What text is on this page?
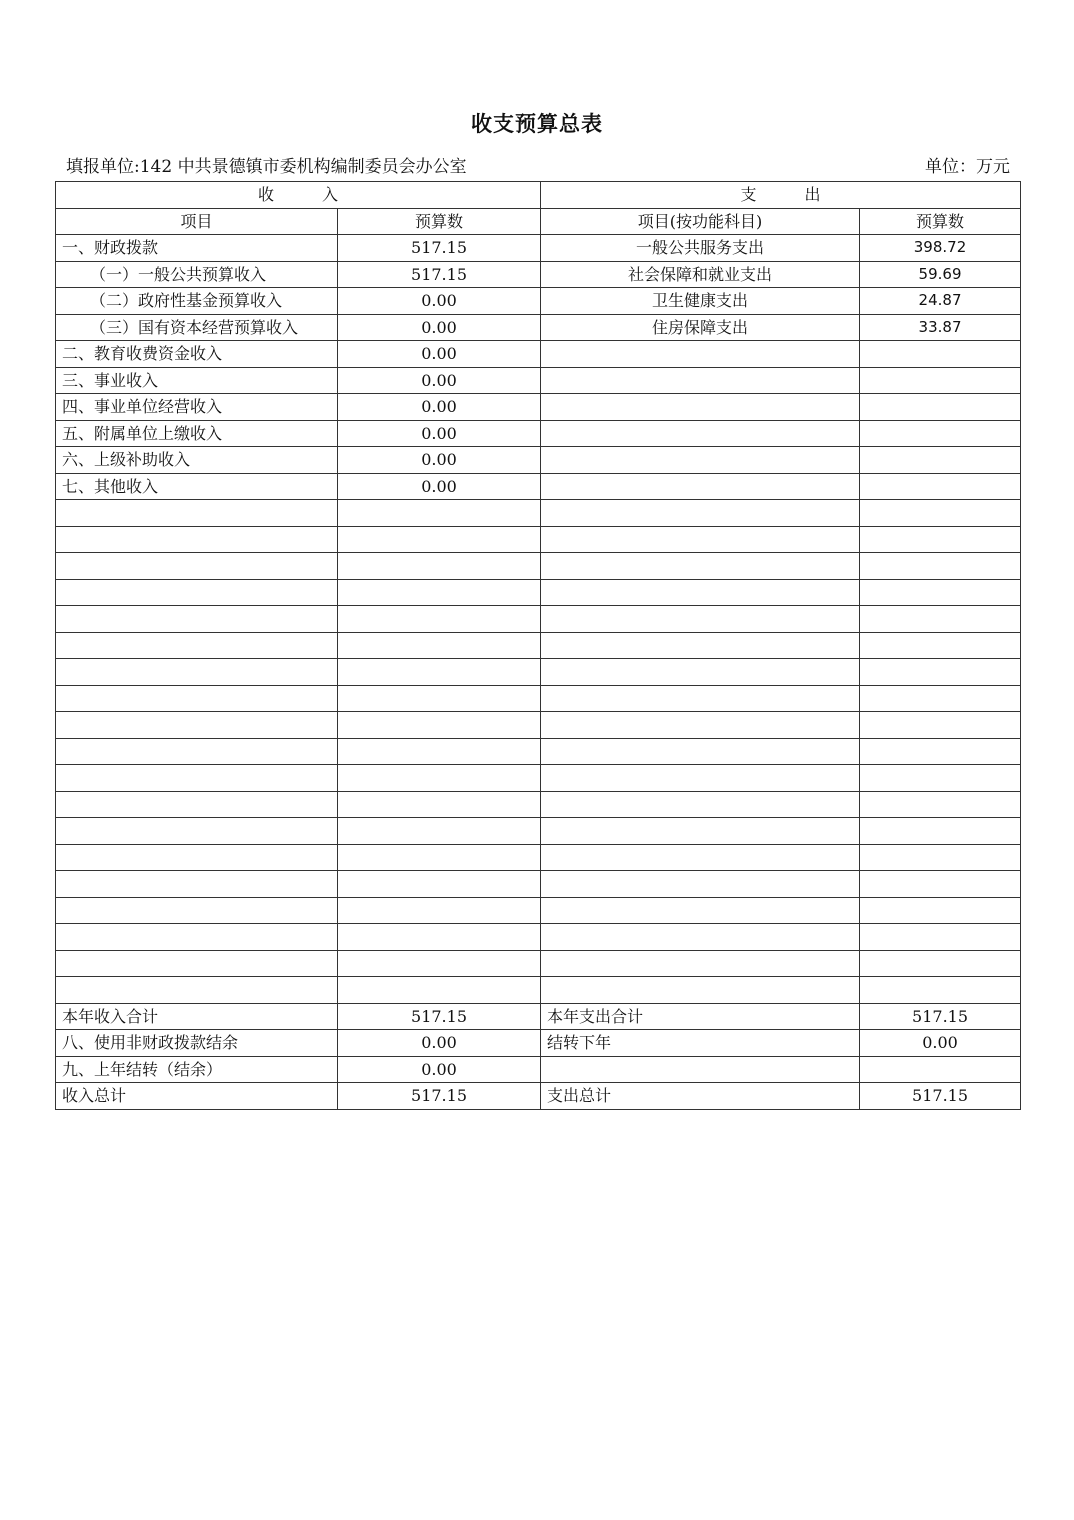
收支预算总表
填报单位:142 中共景德镇市委机构编制委员会办公室	单位：万元
收　　　入		支　　　出	
项目	预算数	项目(按功能科目)	预算数
一、财政拨款	517.15	一般公共服务支出	398.72
（一）一般公共预算收入	517.15	社会保障和就业支出	59.69
（二）政府性基金预算收入	0.00	卫生健康支出	24.87
（三）国有资本经营预算收入	0.00	住房保障支出	33.87
二、教育收费资金收入	0.00		
三、事业收入	0.00		
四、事业单位经营收入	0.00		
五、附属单位上缴收入	0.00		
六、上级补助收入	0.00		
七、其他收入	0.00		

本年收入合计	517.15	本年支出合计	517.15
八、使用非财政拨款结余	0.00	结转下年	0.00
九、上年结转（结余）	0.00		
收入总计	517.15	支出总计	517.15
